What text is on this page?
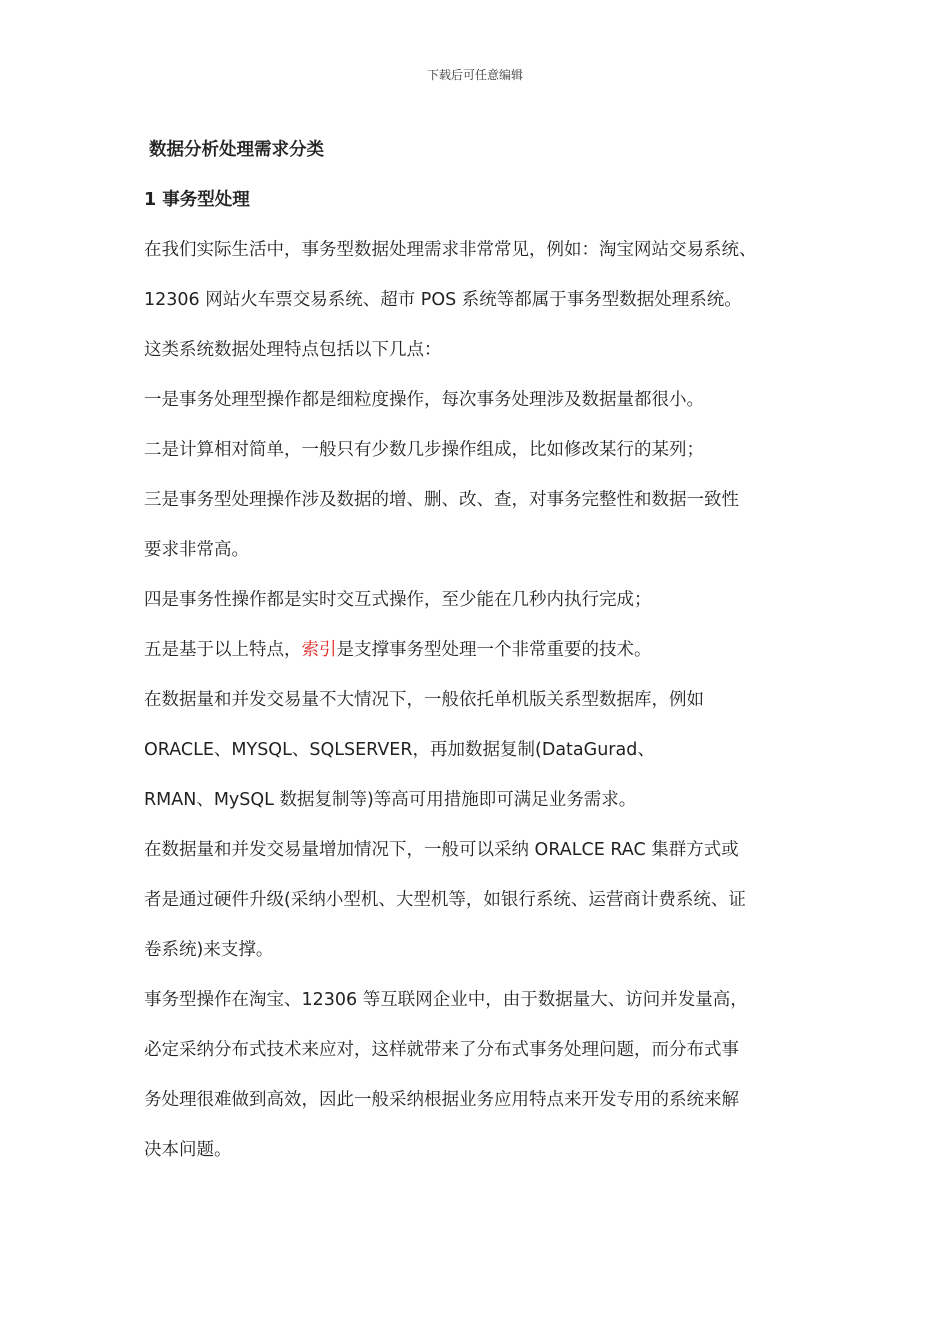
下载后可任意编辑

数据分析处理需求分类

1 事务型处理

在我们实际生活中，事务型数据处理需求非常常见，例如：淘宝网站交易系统、

12306 网站火车票交易系统、超市 POS 系统等都属于事务型数据处理系统。

这类系统数据处理特点包括以下几点：

一是事务处理型操作都是细粒度操作，每次事务处理涉及数据量都很小。

二是计算相对简单，一般只有少数几步操作组成，比如修改某行的某列；

三是事务型处理操作涉及数据的增、删、改、查，对事务完整性和数据一致性

要求非常高。

四是事务性操作都是实时交互式操作，至少能在几秒内执行完成；

五是基于以上特点，索引是支撑事务型处理一个非常重要的技术。

在数据量和并发交易量不大情况下，一般依托单机版关系型数据库，例如

ORACLE、MYSQL、SQLSERVER，再加数据复制(DataGurad、

RMAN、MySQL 数据复制等)等高可用措施即可满足业务需求。

在数据量和并发交易量增加情况下，一般可以采纳 ORALCE RAC 集群方式或

者是通过硬件升级(采纳小型机、大型机等，如银行系统、运营商计费系统、证

卷系统)来支撑。

事务型操作在淘宝、12306 等互联网企业中，由于数据量大、访问并发量高，

必定采纳分布式技术来应对，这样就带来了分布式事务处理问题，而分布式事

务处理很难做到高效，因此一般采纳根据业务应用特点来开发专用的系统来解

决本问题。
